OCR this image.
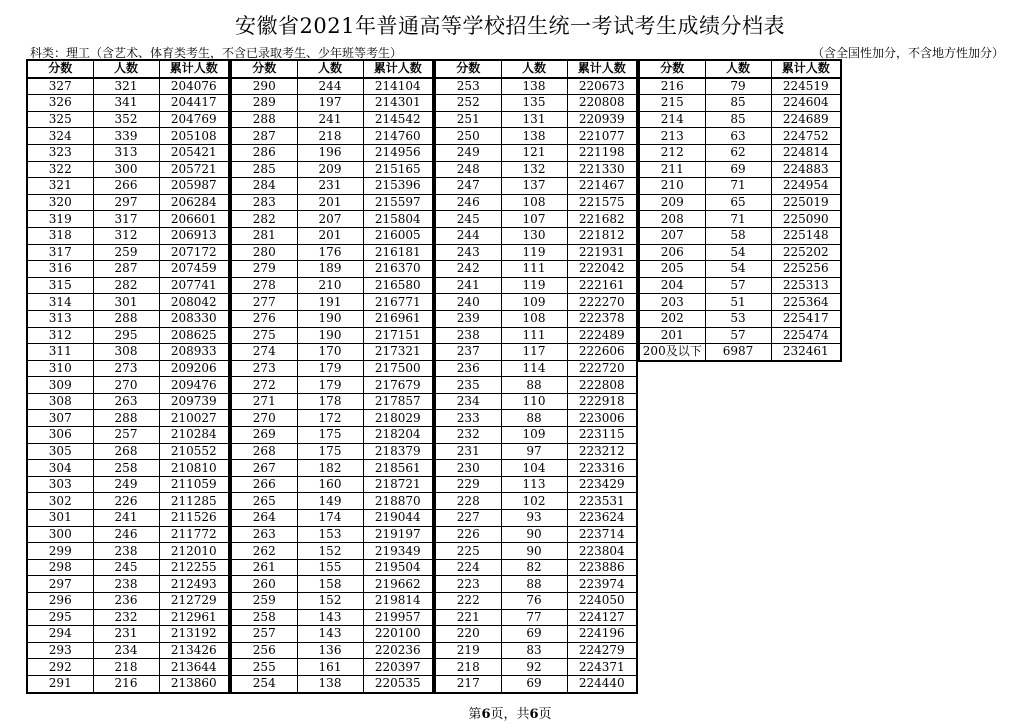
安徽省2021年普通高等学校招生统一考试考生成绩分档表
科类：理工（含艺术、体育类考生，不含已录取考生、少年班等考生）	（含全国性加分，不含地方性加分）
分数	人数	累计人数
327	321	204076
326	341	204417
325	352	204769
324	339	205108
323	313	205421
322	300	205721
321	266	205987
320	297	206284
319	317	206601
318	312	206913
317	259	207172
316	287	207459
315	282	207741
314	301	208042
313	288	208330
312	295	208625
311	308	208933
310	273	209206
309	270	209476
308	263	209739
307	288	210027
306	257	210284
305	268	210552
304	258	210810
303	249	211059
302	226	211285
301	241	211526
300	246	211772
299	238	212010
298	245	212255
297	238	212493
296	236	212729
295	232	212961
294	231	213192
293	234	213426
292	218	213644
291	216	213860
分数	人数	累计人数
290	244	214104
289	197	214301
288	241	214542
287	218	214760
286	196	214956
285	209	215165
284	231	215396
283	201	215597
282	207	215804
281	201	216005
280	176	216181
279	189	216370
278	210	216580
277	191	216771
276	190	216961
275	190	217151
274	170	217321
273	179	217500
272	179	217679
271	178	217857
270	172	218029
269	175	218204
268	175	218379
267	182	218561
266	160	218721
265	149	218870
264	174	219044
263	153	219197
262	152	219349
261	155	219504
260	158	219662
259	152	219814
258	143	219957
257	143	220100
256	136	220236
255	161	220397
254	138	220535
分数	人数	累计人数
253	138	220673
252	135	220808
251	131	220939
250	138	221077
249	121	221198
248	132	221330
247	137	221467
246	108	221575
245	107	221682
244	130	221812
243	119	221931
242	111	222042
241	119	222161
240	109	222270
239	108	222378
238	111	222489
237	117	222606
236	114	222720
235	88	222808
234	110	222918
233	88	223006
232	109	223115
231	97	223212
230	104	223316
229	113	223429
228	102	223531
227	93	223624
226	90	223714
225	90	223804
224	82	223886
223	88	223974
222	76	224050
221	77	224127
220	69	224196
219	83	224279
218	92	224371
217	69	224440
分数	人数	累计人数
216	79	224519
215	85	224604
214	85	224689
213	63	224752
212	62	224814
211	69	224883
210	71	224954
209	65	225019
208	71	225090
207	58	225148
206	54	225202
205	54	225256
204	57	225313
203	51	225364
202	53	225417
201	57	225474
200及以下	6987	232461
第6页，共6页
